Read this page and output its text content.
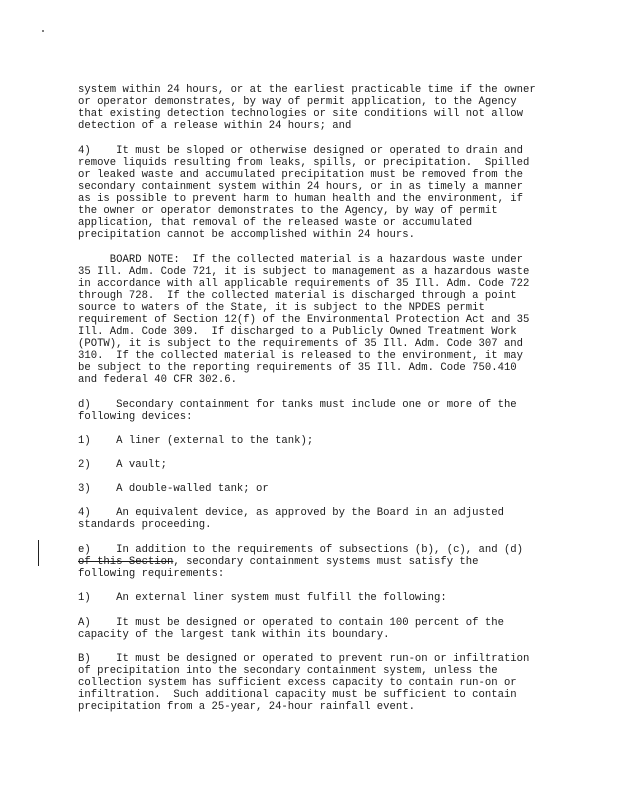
system within 24 hours, or at the earliest practicable time if the owner
or operator demonstrates, by way of permit application, to the Agency
that existing detection technologies or site conditions will not allow
detection of a release within 24 hours; and
4)    It must be sloped or otherwise designed or operated to drain and
remove liquids resulting from leaks, spills, or precipitation.  Spilled
or leaked waste and accumulated precipitation must be removed from the
secondary containment system within 24 hours, or in as timely a manner
as is possible to prevent harm to human health and the environment, if
the owner or operator demonstrates to the Agency, by way of permit
application, that removal of the released waste or accumulated
precipitation cannot be accomplished within 24 hours.
BOARD NOTE:  If the collected material is a hazardous waste under
35 Ill. Adm. Code 721, it is subject to management as a hazardous waste
in accordance with all applicable requirements of 35 Ill. Adm. Code 722
through 728.  If the collected material is discharged through a point
source to waters of the State, it is subject to the NPDES permit
requirement of Section 12(f) of the Environmental Protection Act and 35
Ill. Adm. Code 309.  If discharged to a Publicly Owned Treatment Work
(POTW), it is subject to the requirements of 35 Ill. Adm. Code 307 and
310.  If the collected material is released to the environment, it may
be subject to the reporting requirements of 35 Ill. Adm. Code 750.410
and federal 40 CFR 302.6.
d)    Secondary containment for tanks must include one or more of the
following devices:
1)    A liner (external to the tank);
2)    A vault;
3)    A double-walled tank; or
4)    An equivalent device, as approved by the Board in an adjusted
standards proceeding.
e)    In addition to the requirements of subsections (b), (c), and (d)
of this Section, secondary containment systems must satisfy the
following requirements:
1)    An external liner system must fulfill the following:
A)    It must be designed or operated to contain 100 percent of the
capacity of the largest tank within its boundary.
B)    It must be designed or operated to prevent run-on or infiltration
of precipitation into the secondary containment system, unless the
collection system has sufficient excess capacity to contain run-on or
infiltration.  Such additional capacity must be sufficient to contain
precipitation from a 25-year, 24-hour rainfall event.
